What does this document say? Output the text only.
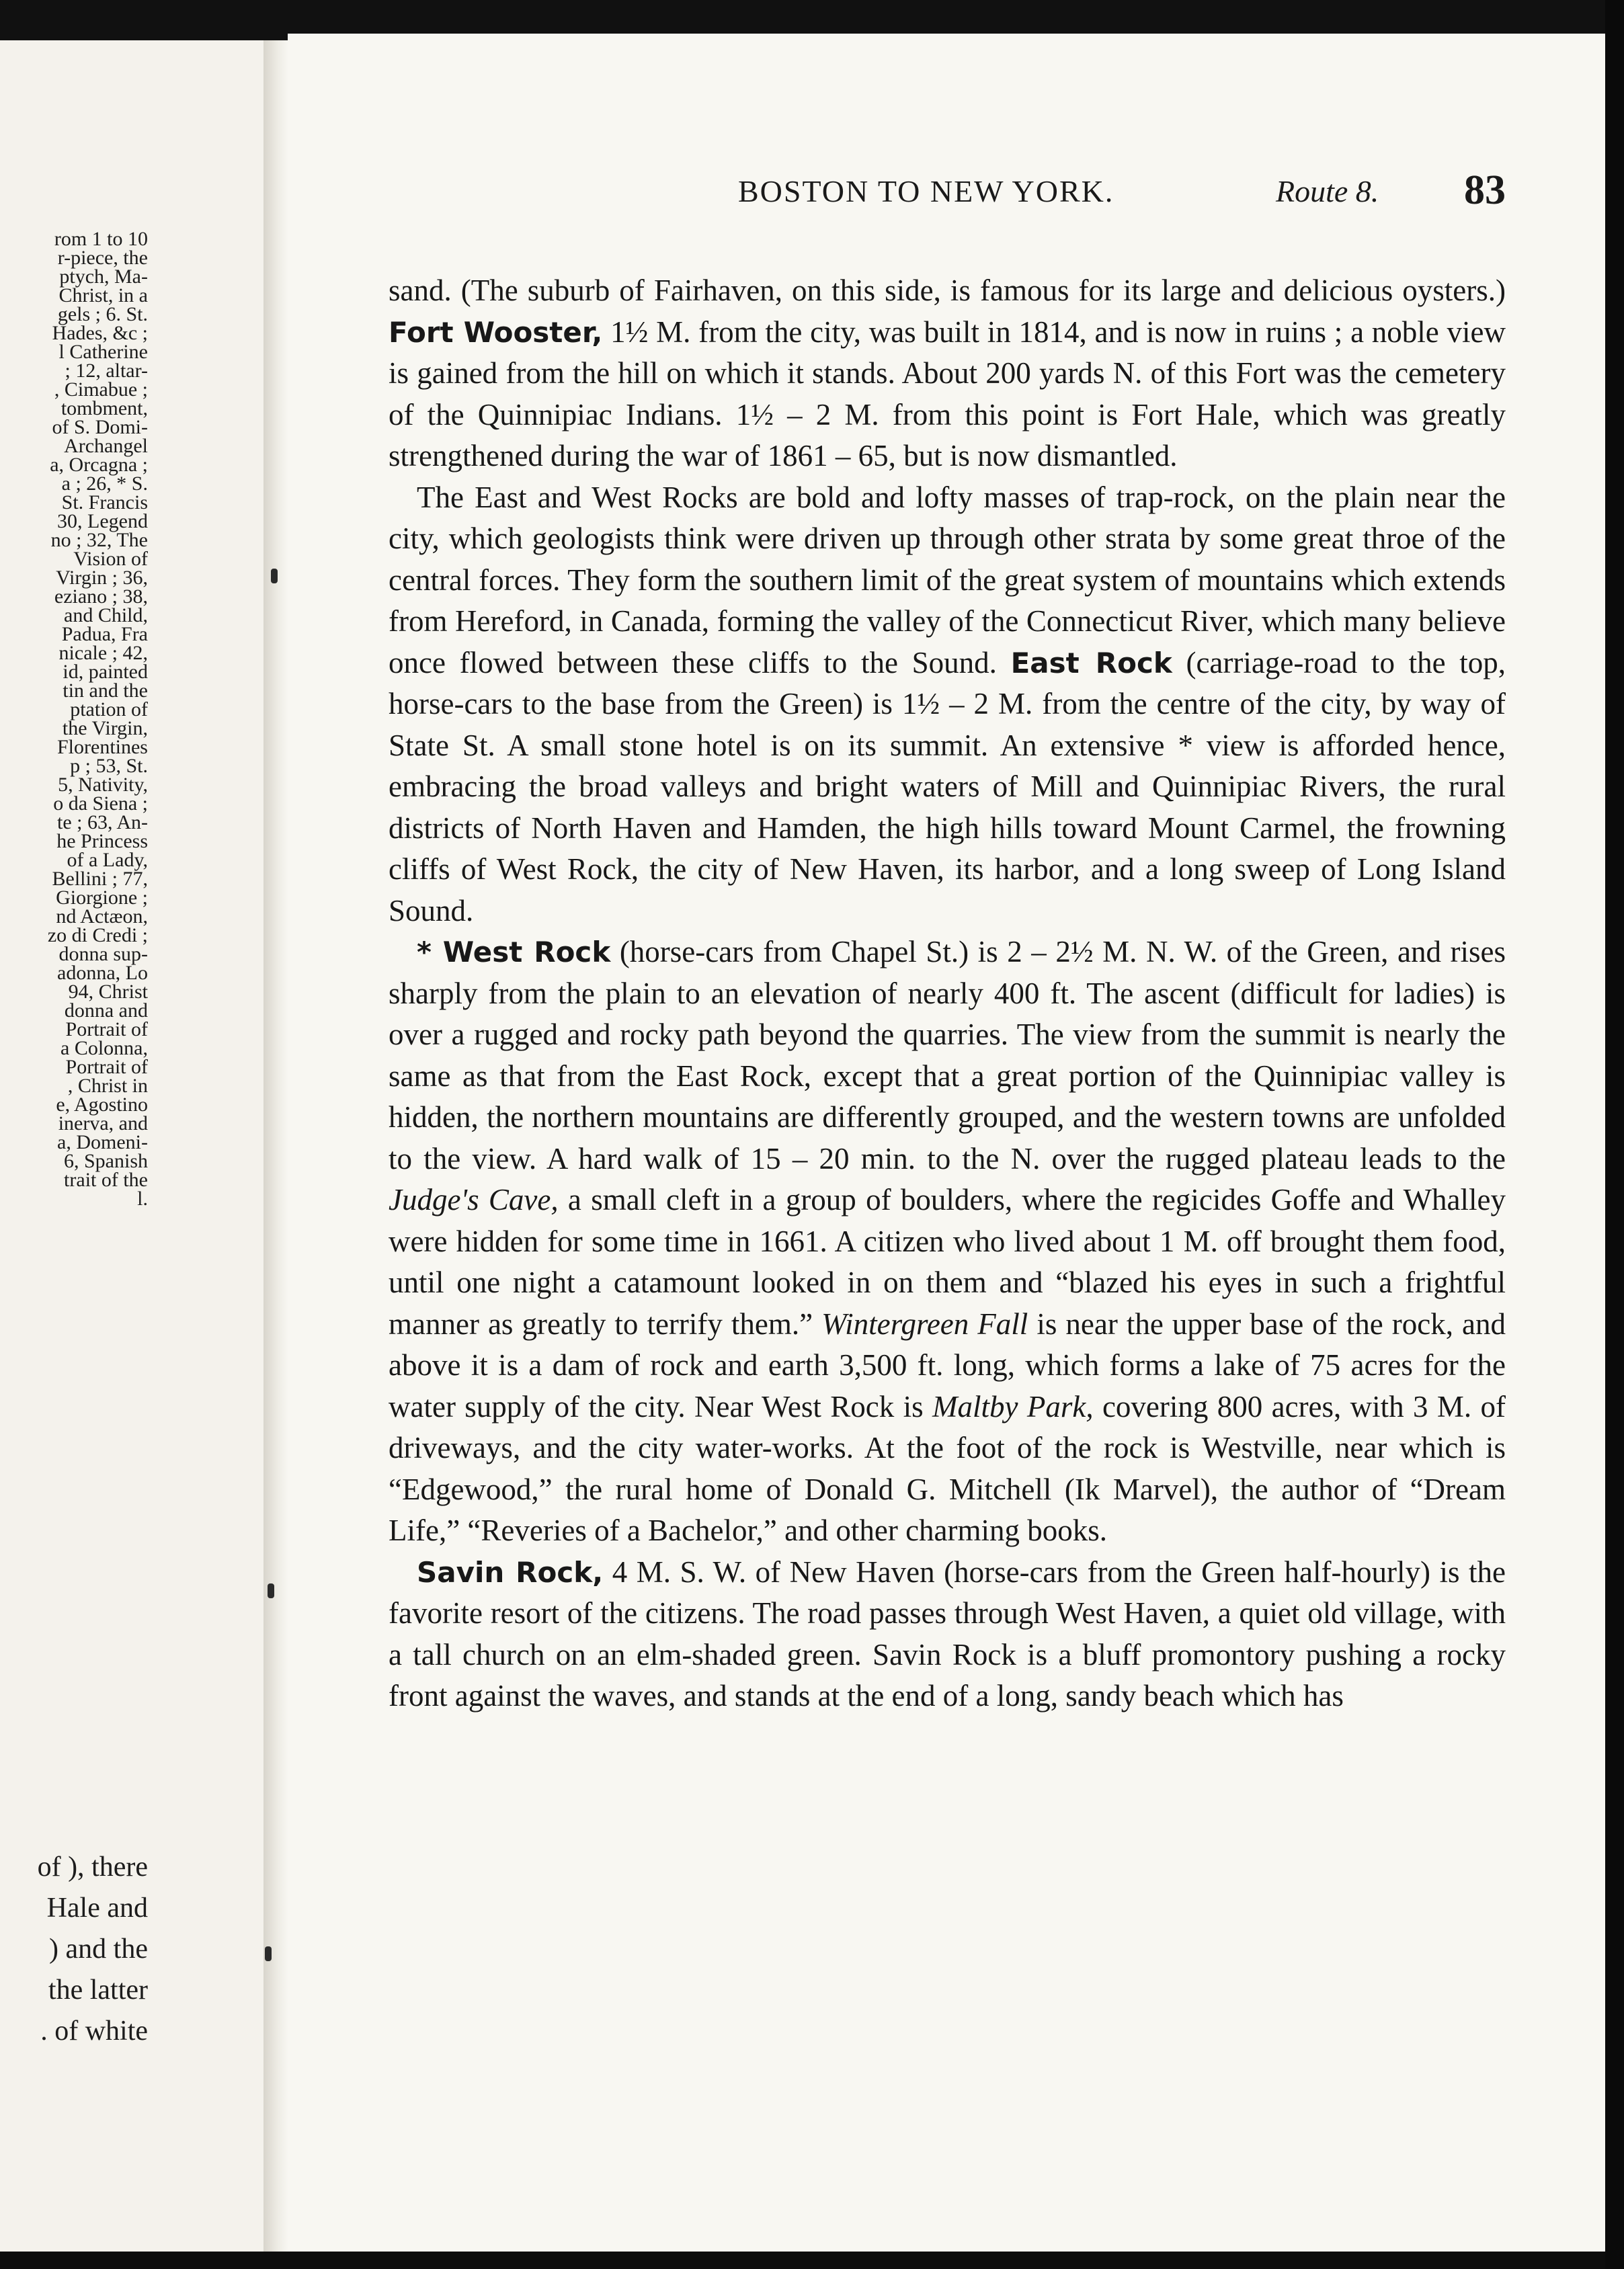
rom 1 to 10
r-piece, the
ptych, Ma-
Christ, in a
gels ; 6. St.
Hades, &c ;
l Catherine
; 12, altar-
, Cimabue ;
tombment,
of S. Domi-
Archangel
a, Orcagna ;
a ; 26, * S.
St. Francis
30, Legend
no ; 32, The
Vision of
Virgin ; 36,
eziano ; 38,
and Child,
Padua, Fra
nicale ; 42,
id, painted
tin and the
ptation of
the Virgin,
Florentines
p ; 53, St.
5, Nativity,
o da Siena ;
te ; 63, An-
he Princess
of a Lady,
Bellini ; 77,
Giorgione ;
nd Actæon,
zo di Credi ;
donna sup-
adonna, Lo
94, Christ
donna and
Portrait of
a Colonna,
Portrait of
, Christ in
e, Agostino
inerva, and
a, Domeni-
6, Spanish
trait of the
l.
of ), there
Hale and
) and the
the latter
. of white
BOSTON TO NEW YORK.	Route 8. 83

sand. (The suburb of Fairhaven, on this side, is famous for its large and delicious oysters.) Fort Wooster, 1½ M. from the city, was built in 1814, and is now in ruins ; a noble view is gained from the hill on which it stands. About 200 yards N. of this Fort was the cemetery of the Quinnipiac Indians. 1½ – 2 M. from this point is Fort Hale, which was greatly strengthened during the war of 1861 – 65, but is now dismantled.

The East and West Rocks are bold and lofty masses of trap-rock, on the plain near the city, which geologists think were driven up through other strata by some great throe of the central forces. They form the southern limit of the great system of mountains which extends from Hereford, in Canada, forming the valley of the Connecticut River, which many believe once flowed between these cliffs to the Sound. East Rock (carriage-road to the top, horse-cars to the base from the Green) is 1½ – 2 M. from the centre of the city, by way of State St. A small stone hotel is on its summit. An extensive * view is afforded hence, embracing the broad valleys and bright waters of Mill and Quinnipiac Rivers, the rural districts of North Haven and Hamden, the high hills toward Mount Carmel, the frowning cliffs of West Rock, the city of New Haven, its harbor, and a long sweep of Long Island Sound.

* West Rock (horse-cars from Chapel St.) is 2 – 2½ M. N. W. of the Green, and rises sharply from the plain to an elevation of nearly 400 ft. The ascent (difficult for ladies) is over a rugged and rocky path beyond the quarries. The view from the summit is nearly the same as that from the East Rock, except that a great portion of the Quinnipiac valley is hidden, the northern mountains are differently grouped, and the western towns are unfolded to the view. A hard walk of 15 – 20 min. to the N. over the rugged plateau leads to the Judge's Cave, a small cleft in a group of boulders, where the regicides Goffe and Whalley were hidden for some time in 1661. A citizen who lived about 1 M. off brought them food, until one night a catamount looked in on them and “blazed his eyes in such a frightful manner as greatly to terrify them.” Wintergreen Fall is near the upper base of the rock, and above it is a dam of rock and earth 3,500 ft. long, which forms a lake of 75 acres for the water supply of the city. Near West Rock is Maltby Park, covering 800 acres, with 3 M. of driveways, and the city water-works. At the foot of the rock is Westville, near which is “Edgewood,” the rural home of Donald G. Mitchell (Ik Marvel), the author of “Dream Life,” “Reveries of a Bachelor,” and other charming books.

Savin Rock, 4 M. S. W. of New Haven (horse-cars from the Green half-hourly) is the favorite resort of the citizens. The road passes through West Haven, a quiet old village, with a tall church on an elm-shaded green. Savin Rock is a bluff promontory pushing a rocky front against the waves, and stands at the end of a long, sandy beach which has
